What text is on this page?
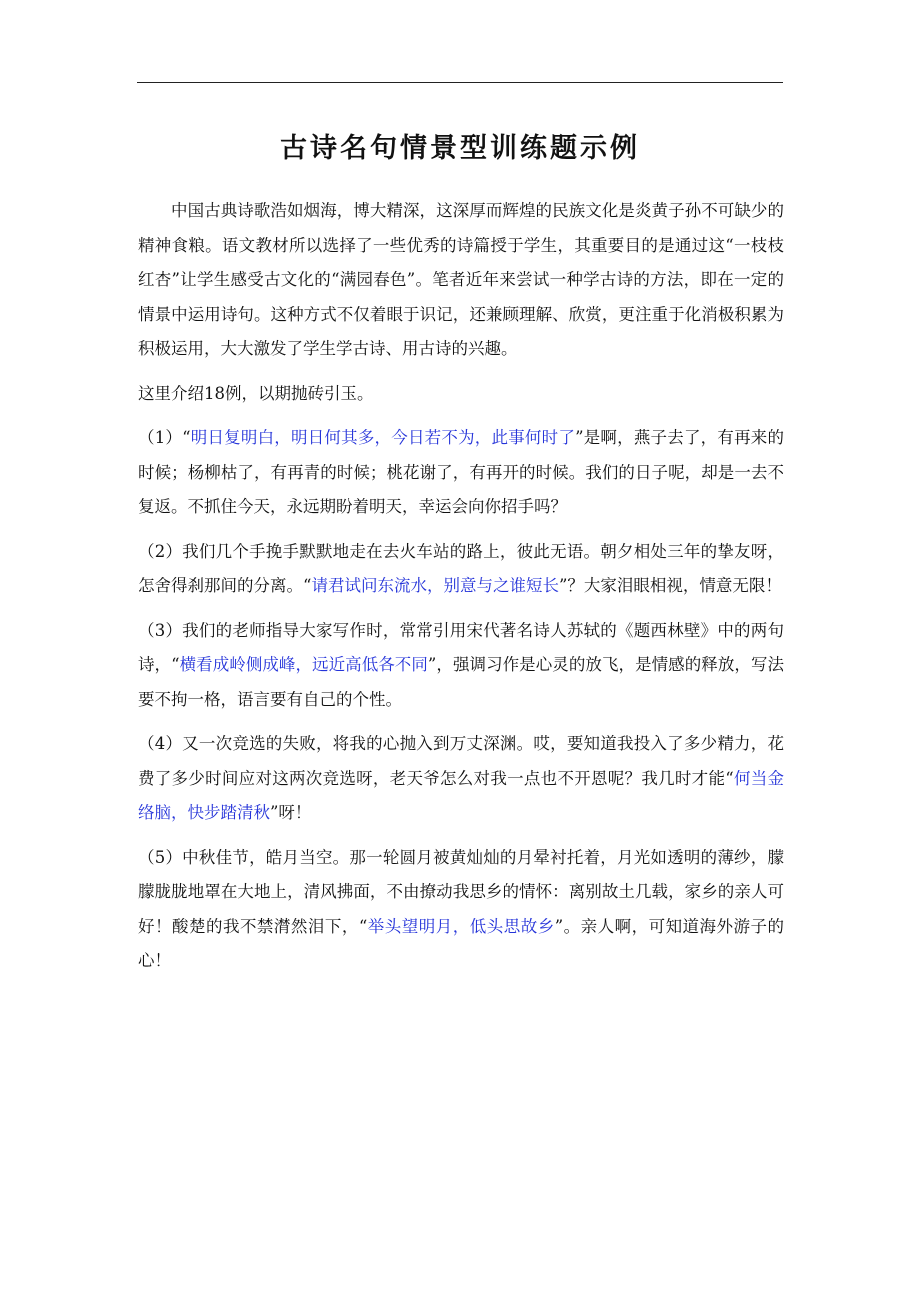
古诗名句情景型训练题示例

中国古典诗歌浩如烟海，博大精深，这深厚而辉煌的民族文化是炎黄子孙不可缺少的精神食粮。语文教材所以选择了一些优秀的诗篇授于学生，其重要目的是通过这“一枝枝红杏”让学生感受古文化的“满园春色”。笔者近年来尝试一种学古诗的方法，即在一定的情景中运用诗句。这种方式不仅着眼于识记，还兼顾理解、欣赏，更注重于化消极积累为积极运用，大大激发了学生学古诗、用古诗的兴趣。

这里介绍18例，以期抛砖引玉。

（1）“明日复明白，明日何其多，今日若不为，此事何时了”是啊，燕子去了，有再来的时候；杨柳枯了，有再青的时候；桃花谢了，有再开的时候。我们的日子呢，却是一去不复返。不抓住今天，永远期盼着明天，幸运会向你招手吗？

（2）我们几个手挽手默默地走在去火车站的路上，彼此无语。朝夕相处三年的挚友呀，怎舍得刹那间的分离。“请君试问东流水，别意与之谁短长”？大家泪眼相视，情意无限！

（3）我们的老师指导大家写作时，常常引用宋代著名诗人苏轼的《题西林壁》中的两句诗，“横看成岭侧成峰，远近高低各不同”，强调习作是心灵的放飞，是情感的释放，写法要不拘一格，语言要有自己的个性。

（4）又一次竞选的失败，将我的心抛入到万丈深渊。哎，要知道我投入了多少精力，花费了多少时间应对这两次竞选呀，老天爷怎么对我一点也不开恩呢？我几时才能“何当金络脑，快步踏清秋”呀！

（5）中秋佳节，皓月当空。那一轮圆月被黄灿灿的月晕衬托着，月光如透明的薄纱，朦朦胧胧地罩在大地上，清风拂面，不由撩动我思乡的情怀：离别故土几载，家乡的亲人可好！酸楚的我不禁潸然泪下，“举头望明月，低头思故乡”。亲人啊，可知道海外游子的心！
